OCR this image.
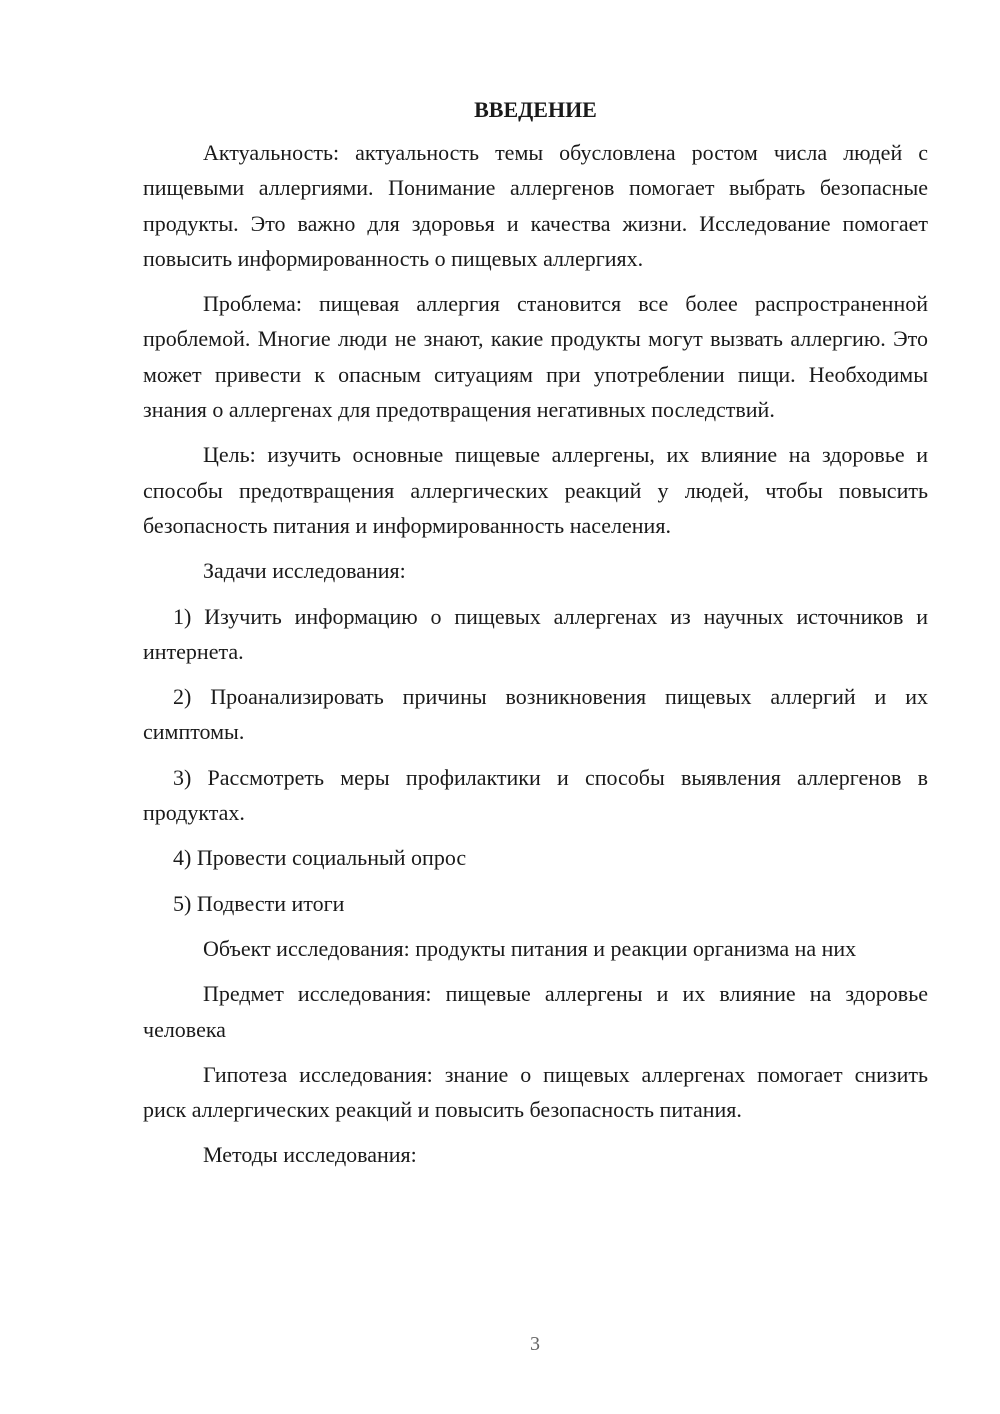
ВВЕДЕНИЕ

Актуальность: актуальность темы обусловлена ростом числа людей с пищевыми аллергиями. Понимание аллергенов помогает выбрать безопасные продукты. Это важно для здоровья и качества жизни. Исследование помогает повысить информированность о пищевых аллергиях.

Проблема: пищевая аллергия становится все более распространенной проблемой. Многие люди не знают, какие продукты могут вызвать аллергию. Это может привести к опасным ситуациям при употреблении пищи. Необходимы знания о аллергенах для предотвращения негативных последствий.

Цель: изучить основные пищевые аллергены, их влияние на здоровье и способы предотвращения аллергических реакций у людей, чтобы повысить безопасность питания и информированность населения.

Задачи исследования:

1) Изучить информацию о пищевых аллергенах из научных источников и интернета.

2) Проанализировать причины возникновения пищевых аллергий и их симптомы.

3) Рассмотреть меры профилактики и способы выявления аллергенов в продуктах.

4) Провести социальный опрос

5) Подвести итоги

Объект исследования: продукты питания и реакции организма на них

Предмет исследования: пищевые аллергены и их влияние на здоровье человека

Гипотеза исследования: знание о пищевых аллергенах помогает снизить риск аллергических реакций и повысить безопасность питания.

Методы исследования:

3
